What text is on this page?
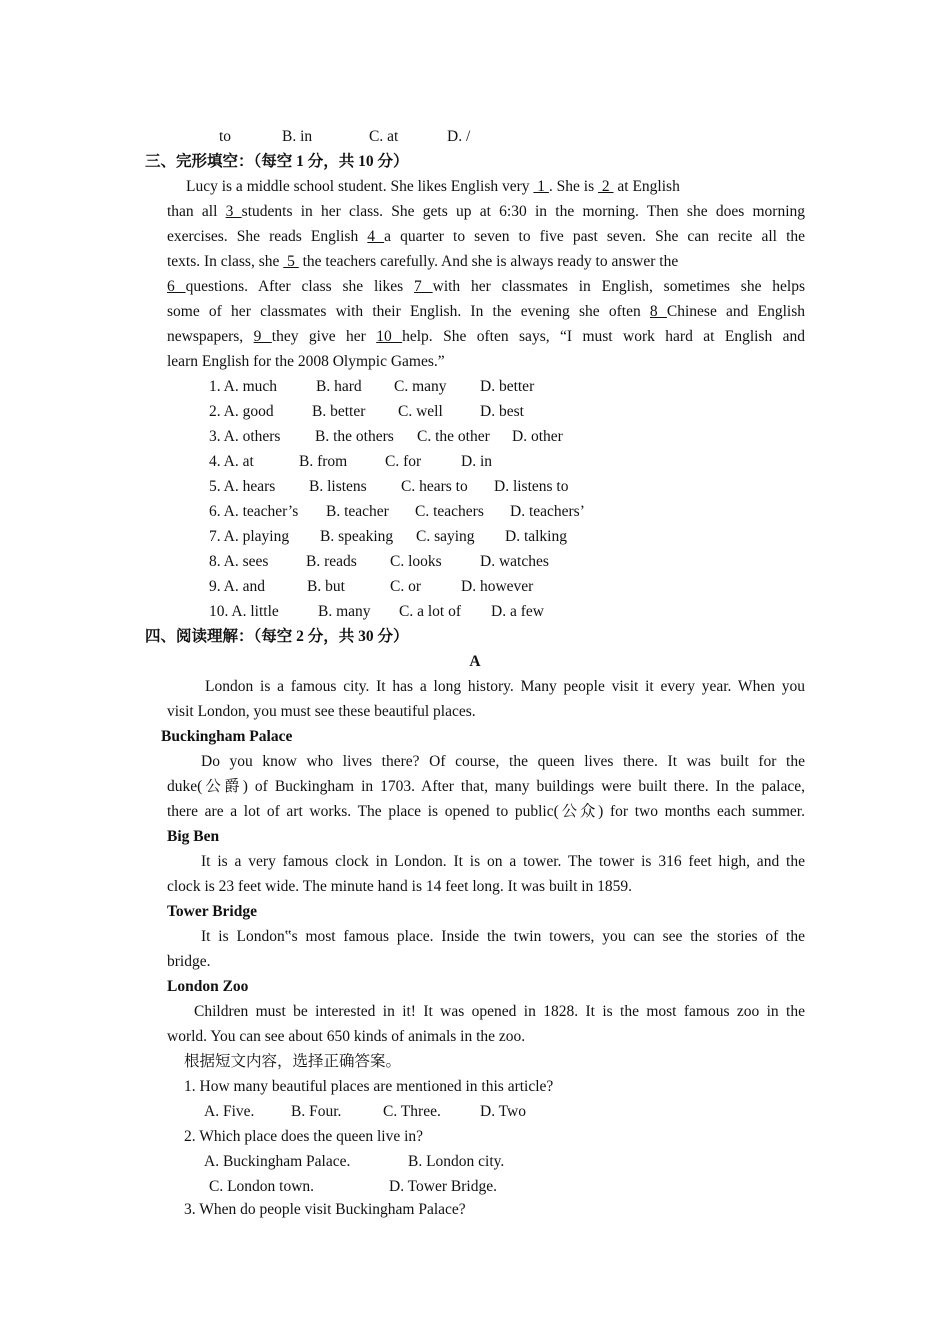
to	B. in	C. at	D. /
三、完形填空：（每空 1 分，共 10 分）
Lucy is a middle school student. She likes English very  1 . She is  2  at English
than all 3 students in her class. She gets up at 6:30 in the morning. Then she does morning
exercises. She reads English 4 a quarter to seven to five past seven. She can recite all the
texts. In class, she  5  the teachers carefully. And she is always ready to answer the
6 questions. After class she likes 7 with her classmates in English, sometimes she helps
some of her classmates with their English. In the evening she often 8 Chinese and English
newspapers, 9 they give her 10 help. She often says, “I must work hard at English and
learn English for the 2008 Olympic Games.”
1. A. much	B. hard C. many D. better
2. A. good B. better C. well D. best
3. A. others B. the others C. the other D. other
4. A. at	B. from C. for	D. in
5. A. hears B. listens C. hears to D. listens to
6. A. teacher’s B. teacher C. teachers D. teachers’
7. A. playing B. speaking C. saying D. talking
8. A. sees B. reads C. looks D. watches
9. A. and	B. but	C. or	D. however
10. A. little	B. many C. a lot of D. a few
四、阅读理解：（每空 2 分，共 30 分）
A
London is a famous city. It has a long history. Many people visit it every year. When you
visit London, you must see these beautiful places.
Buckingham Palace
Do you know who lives there? Of course, the queen lives there. It was built for the
duke(公爵) of Buckingham in 1703. After that, many buildings were built there. In the palace,
there are a lot of art works. The place is opened to public(公众) for two months each summer.
Big Ben
It is a very famous clock in London. It is on a tower. The tower is 316 feet high, and the
clock is 23 feet wide. The minute hand is 14 feet long. It was built in 1859.
Tower Bridge
It is London‟s most famous place. Inside the twin towers, you can see the stories of the
bridge.
London Zoo
Children must be interested in it! It was opened in 1828. It is the most famous zoo in the
world. You can see about 650 kinds of animals in the zoo.
根据短文内容，选择正确答案。
1. How many beautiful places are mentioned in this article?
A. Five. B. Four.	C. Three.	D. Two
2. Which place does the queen live in?
A. Buckingham Palace.	B. London city.
C. London town.	D. Tower Bridge.
3. When do people visit Buckingham Palace?
